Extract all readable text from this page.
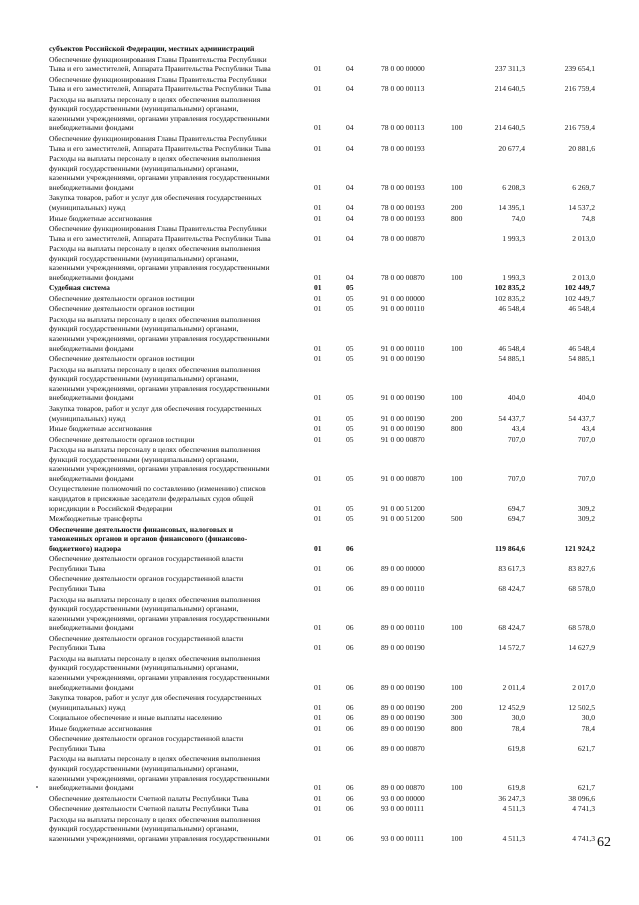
субъектов Российской Федерации, местных администраций
Обеспечение функционирования Главы Правительства Республики
Тыва и его заместителей, Аппарата Правительства Республики Тыва	01	04	78 0 00 00000	237 311,3	239 654,1
Обеспечение функционирования Главы Правительства Республики
Тыва и его заместителей, Аппарата Правительства Республики Тыва	01	04	78 0 00 00113	214 640,5	216 759,4
Расходы на выплаты персоналу в целях обеспечения выполнения
функций государственными (муниципальными) органами,
казенными учреждениями, органами управления государственными
внебюджетными фондами	01	04	78 0 00 00113	100	214 640,5	216 759,4
Обеспечение функционирования Главы Правительства Республики
Тыва и его заместителей, Аппарата Правительства Республики Тыва	01	04	78 0 00 00193	20 677,4	20 881,6
Расходы на выплаты персоналу в целях обеспечения выполнения
функций государственными (муниципальными) органами,
казенными учреждениями, органами управления государственными
внебюджетными фондами	01	04	78 0 00 00193	100	6 208,3	6 269,7
Закупка товаров, работ и услуг для обеспечения государственных
(муниципальных) нужд	01	04	78 0 00 00193	200	14 395,1	14 537,2
Иные бюджетные ассигнования	01	04	78 0 00 00193	800	74,0	74,8
Обеспечение функционирования Главы Правительства Республики
Тыва и его заместителей, Аппарата Правительства Республики Тыва	01	04	78 0 00 00870	1 993,3	2 013,0
Расходы на выплаты персоналу в целях обеспечения выполнения
функций государственными (муниципальными) органами,
казенными учреждениями, органами управления государственными
внебюджетными фондами	01	04	78 0 00 00870	100	1 993,3	2 013,0
Судебная система	01	05	102 835,2	102 449,7
Обеспечение деятельности органов юстиции	01	05	91 0 00 00000	102 835,2	102 449,7
Обеспечение деятельности органов юстиции	01	05	91 0 00 00110	46 548,4	46 548,4
Расходы на выплаты персоналу в целях обеспечения выполнения
функций государственными (муниципальными) органами,
казенными учреждениями, органами управления государственными
внебюджетными фондами	01	05	91 0 00 00110	100	46 548,4	46 548,4
Обеспечение деятельности органов юстиции	01	05	91 0 00 00190	54 885,1	54 885,1
Расходы на выплаты персоналу в целях обеспечения выполнения
функций государственными (муниципальными) органами,
казенными учреждениями, органами управления государственными
внебюджетными фондами	01	05	91 0 00 00190	100	404,0	404,0
Закупка товаров, работ и услуг для обеспечения государственных
(муниципальных) нужд	01	05	91 0 00 00190	200	54 437,7	54 437,7
Иные бюджетные ассигнования	01	05	91 0 00 00190	800	43,4	43,4
Обеспечение деятельности органов юстиции	01	05	91 0 00 00870	707,0	707,0
Расходы на выплаты персоналу в целях обеспечения выполнения
функций государственными (муниципальными) органами,
казенными учреждениями, органами управления государственными
внебюджетными фондами	01	05	91 0 00 00870	100	707,0	707,0
Осуществление полномочий по составлению (изменению) списков
кандидатов в присяжные заседатели федеральных судов общей
юрисдикции в Российской Федерации	01	05	91 0 00 51200	694,7	309,2
Межбюджетные трансферты	01	05	91 0 00 51200	500	694,7	309,2
Обеспечение деятельности финансовых, налоговых и
таможенных органов и органов финансового (финансово-
бюджетного) надзора	01	06	119 864,6	121 924,2
Обеспечение деятельности органов государственной власти
Республики Тыва	01	06	89 0 00 00000	83 617,3	83 827,6
Обеспечение деятельности органов государственной власти
Республики Тыва	01	06	89 0 00 00110	68 424,7	68 578,0
Расходы на выплаты персоналу в целях обеспечения выполнения
функций государственными (муниципальными) органами,
казенными учреждениями, органами управления государственными
внебюджетными фондами	01	06	89 0 00 00110	100	68 424,7	68 578,0
Обеспечение деятельности органов государственной власти
Республики Тыва	01	06	89 0 00 00190	14 572,7	14 627,9
Расходы на выплаты персоналу в целях обеспечения выполнения
функций государственными (муниципальными) органами,
казенными учреждениями, органами управления государственными
внебюджетными фондами	01	06	89 0 00 00190	100	2 011,4	2 017,0
Закупка товаров, работ и услуг для обеспечения государственных
(муниципальных) нужд	01	06	89 0 00 00190	200	12 452,9	12 502,5
Социальное обеспечение и иные выплаты населению	01	06	89 0 00 00190	300	30,0	30,0
Иные бюджетные ассигнования	01	06	89 0 00 00190	800	78,4	78,4
Обеспечение деятельности органов государственной власти
Республики Тыва	01	06	89 0 00 00870	619,8	621,7
Расходы на выплаты персоналу в целях обеспечения выполнения
функций государственными (муниципальными) органами,
казенными учреждениями, органами управления государственными
внебюджетными фондами	01	06	89 0 00 00870	100	619,8	621,7
Обеспечение деятельности Счетной палаты Республики Тыва	01	06	93 0 00 00000	36 247,3	38 096,6
Обеспечение деятельности Счетной палаты Республики Тыва	01	06	93 0 00 00111	4 511,3	4 741,3
Расходы на выплаты персоналу в целях обеспечения выполнения
функций государственными (муниципальными) органами,
казенными учреждениями, органами управления государственными	01	06	93 0 00 00111	100	4 511,3	4 741,3 62
